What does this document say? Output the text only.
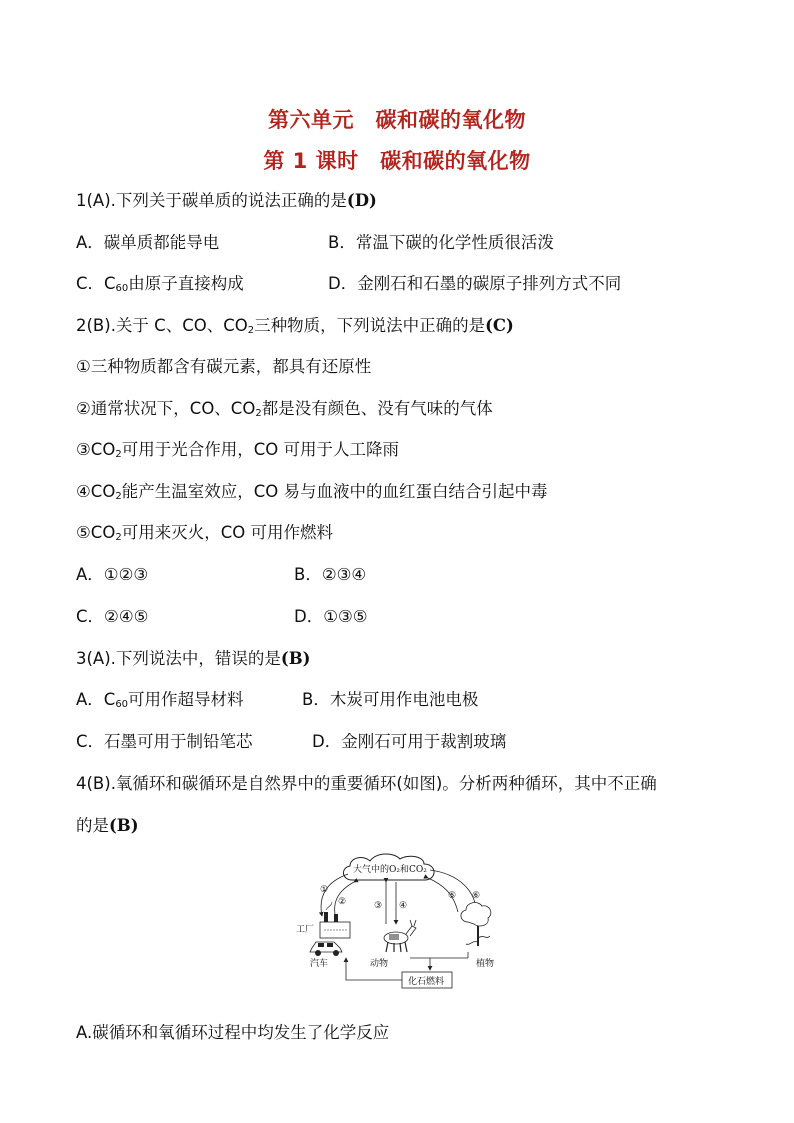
第六单元　碳和碳的氧化物
第 1 课时　碳和碳的氧化物
1(A).下列关于碳单质的说法正确的是(D)
A．碳单质都能导电	B．常温下碳的化学性质很活泼
C．$C_{60}$由原子直接构成	D．金刚石和石墨的碳原子排列方式不同
2(B).关于 C、CO、$CO_2$三种物质，下列说法中正确的是(C)
①三种物质都含有碳元素，都具有还原性
②通常状况下，CO、$CO_2$都是没有颜色、没有气味的气体
$③CO_2$可用于光合作用，CO 可用于人工降雨
$④CO_2$能产生温室效应，CO 易与血液中的血红蛋白结合引起中毒
$⑤CO_2$可用来灭火，CO 可用作燃料
A．①②③	B．②③④
C．②④⑤	D．①③⑤
3(A).下列说法中，错误的是(B)
A．$C_{60}$可用作超导材料	B．木炭可用作电池电极
C．石墨可用于制铅笔芯	D．金刚石可用于裁割玻璃
4(B).氧循环和碳循环是自然界中的重要循环(如图)。分析两种循环，其中不正确
的是(B)
大气中的O₂和CO₂
①
②	③ ④
⑤ ⑥
工厂
汽车	动物	植物
化石燃料
A.碳循环和氧循环过程中均发生了化学反应
